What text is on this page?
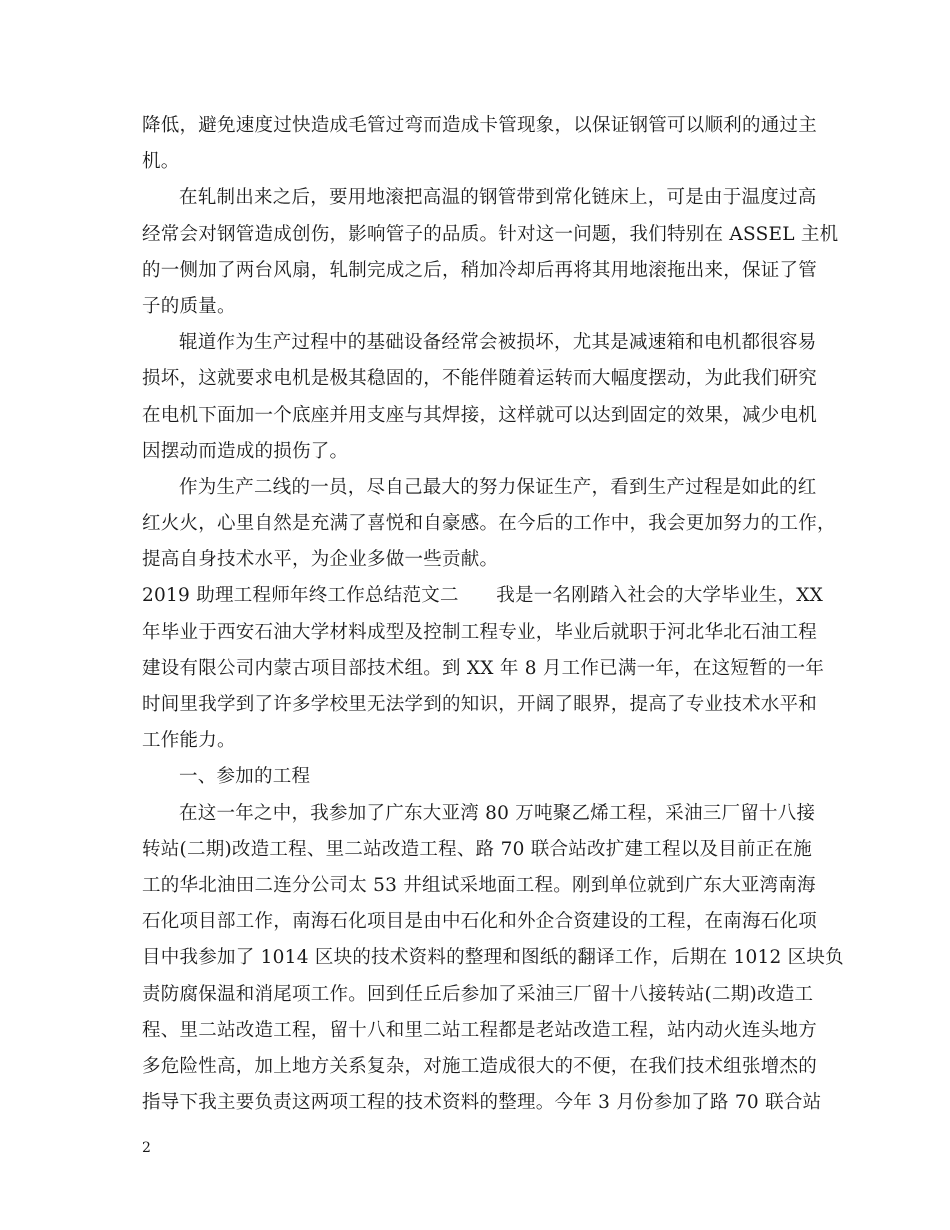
降低，避免速度过快造成毛管过弯而造成卡管现象，以保证钢管可以顺利的通过主
机。
在轧制出来之后，要用地滚把高温的钢管带到常化链床上，可是由于温度过高
经常会对钢管造成创伤，影响管子的品质。针对这一问题，我们特别在 ASSEL 主机
的一侧加了两台风扇，轧制完成之后，稍加冷却后再将其用地滚拖出来，保证了管
子的质量。
辊道作为生产过程中的基础设备经常会被损坏，尤其是减速箱和电机都很容易
损坏，这就要求电机是极其稳固的，不能伴随着运转而大幅度摆动，为此我们研究
在电机下面加一个底座并用支座与其焊接，这样就可以达到固定的效果，减少电机
因摆动而造成的损伤了。
作为生产二线的一员，尽自己最大的努力保证生产，看到生产过程是如此的红
红火火，心里自然是充满了喜悦和自豪感。在今后的工作中，我会更加努力的工作，
提高自身技术水平，为企业多做一些贡献。
2019 助理工程师年终工作总结范文二　　我是一名刚踏入社会的大学毕业生，XX
年毕业于西安石油大学材料成型及控制工程专业，毕业后就职于河北华北石油工程
建设有限公司内蒙古项目部技术组。到 XX 年 8 月工作已满一年，在这短暂的一年
时间里我学到了许多学校里无法学到的知识，开阔了眼界，提高了专业技术水平和
工作能力。
一、参加的工程
在这一年之中，我参加了广东大亚湾 80 万吨聚乙烯工程，采油三厂留十八接
转站(二期)改造工程、里二站改造工程、路 70 联合站改扩建工程以及目前正在施
工的华北油田二连分公司太 53 井组试采地面工程。刚到单位就到广东大亚湾南海
石化项目部工作，南海石化项目是由中石化和外企合资建设的工程，在南海石化项
目中我参加了 1014 区块的技术资料的整理和图纸的翻译工作，后期在 1012 区块负
责防腐保温和消尾项工作。回到任丘后参加了采油三厂留十八接转站(二期)改造工
程、里二站改造工程，留十八和里二站工程都是老站改造工程，站内动火连头地方
多危险性高，加上地方关系复杂，对施工造成很大的不便，在我们技术组张增杰的
指导下我主要负责这两项工程的技术资料的整理。今年 3 月份参加了路 70 联合站
2
